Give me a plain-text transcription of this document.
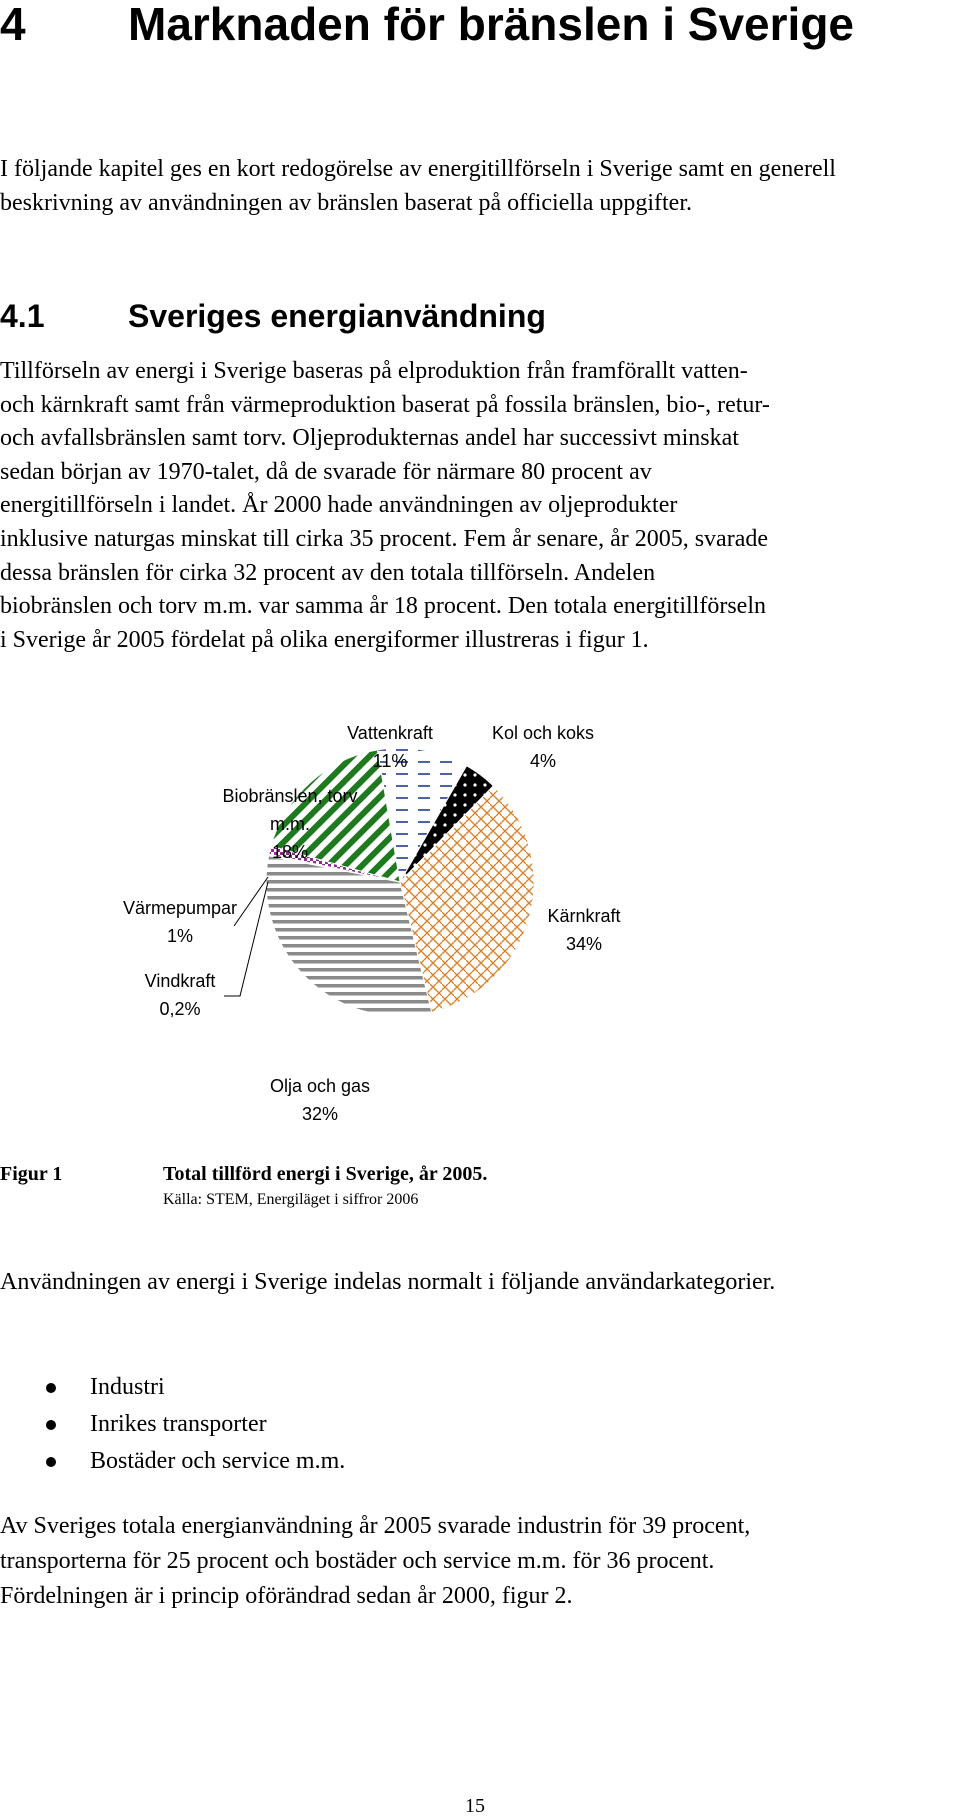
4 Marknaden för bränslen i Sverige
I följande kapitel ges en kort redogörelse av energitillförseln i Sverige samt en generell beskrivning av användningen av bränslen baserat på officiella uppgifter.
4.1	Sveriges energianvändning
Tillförseln av energi i Sverige baseras på elproduktion från framförallt vatten-
och kärnkraft samt från värmeproduktion baserat på fossila bränslen, bio-, retur-
och avfallsbränslen samt torv. Oljeprodukternas andel har successivt minskat
sedan början av 1970-talet, då de svarade för närmare 80 procent av
energitillförseln i landet. År 2000 hade användningen av oljeprodukter
inklusive naturgas minskat till cirka 35 procent. Fem år senare, år 2005, svarade
dessa bränslen för cirka 32 procent av den totala tillförseln. Andelen
biobränslen och torv m.m. var samma år 18 procent. Den totala energitillförseln
i Sverige år 2005 fördelat på olika energiformer illustreras i figur 1.
Vattenkraft
11%
Kol och koks
4%
Kärnkraft
34%
Olja och gas
32%
Vindkraft
0,2%
Värmepumpar
1%
Biobränslen, torv
m.m.
18%
Figur 1	Total tillförd energi i Sverige, år 2005.
Källa: STEM, Energiläget i siffror 2006
Användningen av energi i Sverige indelas normalt i följande användarkategorier.
Industri
Inrikes transporter
Bostäder och service m.m.
Av Sveriges totala energianvändning år 2005 svarade industrin för 39 procent,
transporterna för 25 procent och bostäder och service m.m. för 36 procent.
Fördelningen är i princip oförändrad sedan år 2000, figur 2.
15
